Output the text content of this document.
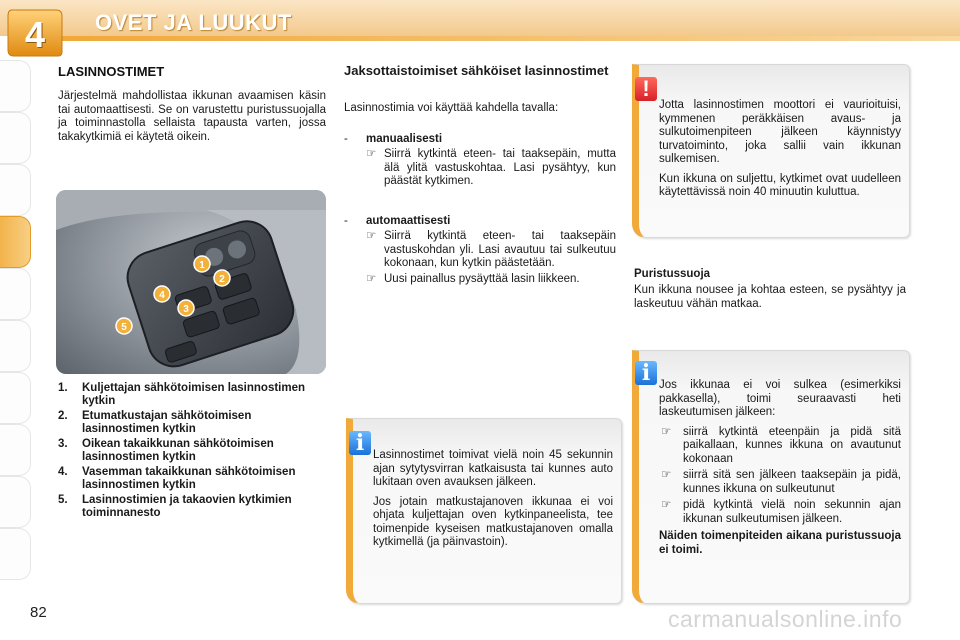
4	OVET JA LUUKUT
LASINNOSTIMET

Järjestelmä mahdollistaa ikkunan avaamisen käsin tai automaattisesti. Se on varustettu puristussuojalla ja toiminnastolla sellaista tapausta varten, jossa takakytkimiä ei käytetä oikein.

1
2
3
4
5
1. Kuljettajan sähkötoimisen lasinnostimen kytkin
2. Etumatkustajan sähkötoimisen lasinnostimen kytkin
3. Oikean takaikkunan sähkötoimisen lasinnostimen kytkin
4. Vasemman takaikkunan sähkötoimisen lasinnostimen kytkin
5. Lasinnostimien ja takaovien kytkimien toiminnanesto
82
Jaksottaistoimiset sähköiset lasinnostimet

Lasinnostimia voi käyttää kahdella tavalla:

- manuaalisesti
☞ Siirrä kytkintä eteen- tai taaksepäin, mutta älä ylitä vastuskohtaa. Lasi pysähtyy, kun päästät kytkimen.
- automaattisesti
☞ Siirrä kytkintä eteen- tai taaksepäin vastuskohdan yli. Lasi avautuu tai sulkeutuu kokonaan, kun kytkin päästetään.
☞ Uusi painallus pysäyttää lasin liikkeen.
i Lasinnostimet toimivat vielä noin 45 sekunnin ajan sytytysvirran katkaisusta tai kunnes auto lukitaan oven avauksen jälkeen.

Jos jotain matkustajanoven ikkunaa ei voi ohjata kuljettajan oven kytkinpaneelista, tee toimenpide kyseisen matkustajanoven omalla kytkimellä (ja päinvastoin).

!

Jotta lasinnostimen moottori ei vaurioituisi, kymmenen peräkkäisen avaus- ja sulkutoimenpiteen jälkeen käynnistyy turvatoiminto, joka sallii vain ikkunan sulkemisen.

Kun ikkuna on suljettu, kytkimet ovat uudelleen käytettävissä noin 40 minuutin kuluttua.

Puristussuoja

Kun ikkuna nousee ja kohtaa esteen, se pysähtyy ja laskeutuu vähän matkaa.

i Jos ikkunaa ei voi sulkea (esimerkiksi pakkasella), toimi seuraavasti heti laskeutumisen jälkeen:

☞ siirrä kytkintä eteenpäin ja pidä sitä paikallaan, kunnes ikkuna on avautunut kokonaan
☞ siirrä sitä sen jälkeen taaksepäin ja pidä, kunnes ikkuna on sulkeutunut
☞ pidä kytkintä vielä noin sekunnin ajan ikkunan sulkeutumisen jälkeen.

Näiden toimenpiteiden aikana puristussuoja ei toimi.

carmanualsonline.info
